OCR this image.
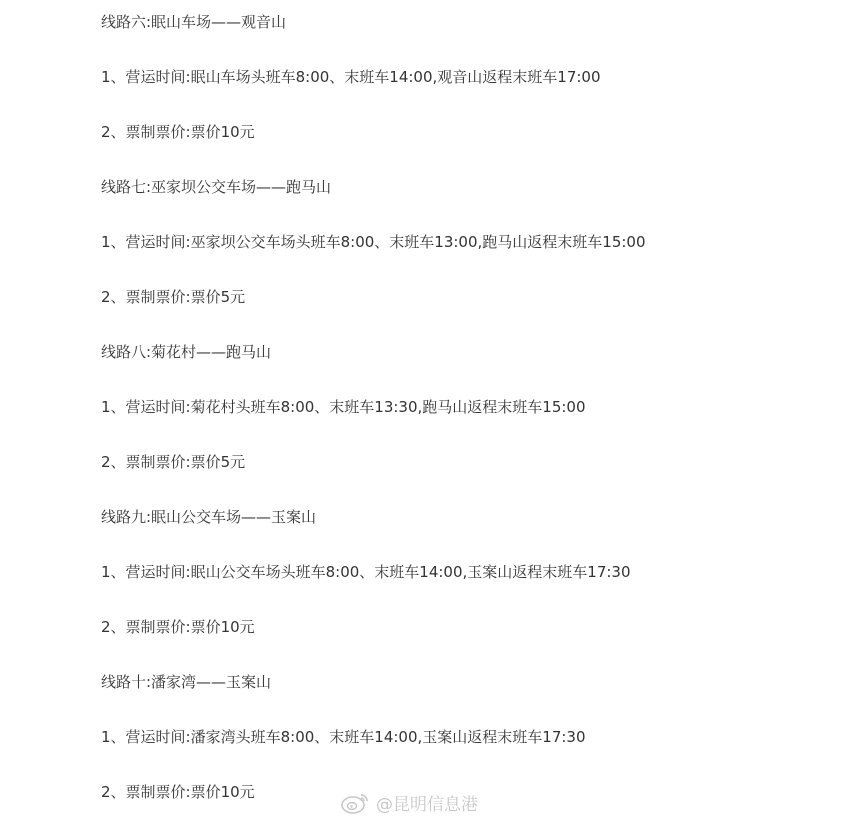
线路六:眠山车场——观音山
1、营运时间:眠山车场头班车8:00、末班车14:00,观音山返程末班车17:00
2、票制票价:票价10元
线路七:巫家坝公交车场——跑马山
1、营运时间:巫家坝公交车场头班车8:00、末班车13:00,跑马山返程末班车15:00
2、票制票价:票价5元
线路八:菊花村——跑马山
1、营运时间:菊花村头班车8:00、末班车13:30,跑马山返程末班车15:00
2、票制票价:票价5元
线路九:眠山公交车场——玉案山
1、营运时间:眠山公交车场头班车8:00、末班车14:00,玉案山返程末班车17:30
2、票制票价:票价10元
线路十:潘家湾——玉案山
1、营运时间:潘家湾头班车8:00、末班车14:00,玉案山返程末班车17:30
2、票制票价:票价10元
@昆明信息港
